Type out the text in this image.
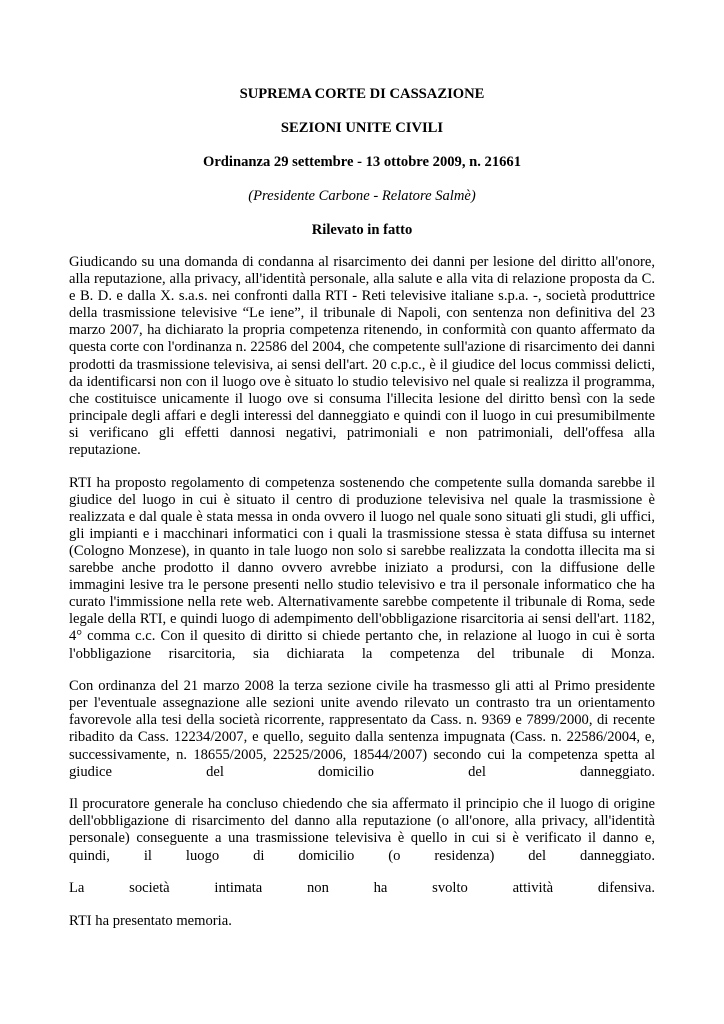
SUPREMA CORTE DI CASSAZIONE
SEZIONI UNITE CIVILI
Ordinanza 29 settembre - 13 ottobre 2009, n. 21661
(Presidente Carbone - Relatore Salmè)
Rilevato in fatto

Giudicando su una domanda di condanna al risarcimento dei danni per lesione del diritto all'onore, alla reputazione, alla privacy, all'identità personale, alla salute e alla vita di relazione proposta da C. e B. D. e dalla X. s.a.s. nei confronti dalla RTI - Reti televisive italiane s.p.a. -, società produttrice della trasmissione televisive “Le iene”, il tribunale di Napoli, con sentenza non definitiva del 23 marzo 2007, ha dichiarato la propria competenza ritenendo, in conformità con quanto affermato da questa corte con l'ordinanza n. 22586 del 2004, che competente sull'azione di risarcimento dei danni prodotti da trasmissione televisiva, ai sensi dell'art. 20 c.p.c., è il giudice del locus commissi delicti, da identificarsi non con il luogo ove è situato lo studio televisivo nel quale si realizza il programma, che costituisce unicamente il luogo ove si consuma l'illecita lesione del diritto bensì con la sede principale degli affari e degli interessi del danneggiato e quindi con il luogo in cui presumibilmente si verificano gli effetti dannosi negativi, patrimoniali e non patrimoniali, dell'offesa alla reputazione.

RTI ha proposto regolamento di competenza sostenendo che competente sulla domanda sarebbe il giudice del luogo in cui è situato il centro di produzione televisiva nel quale la trasmissione è realizzata e dal quale è stata messa in onda ovvero il luogo nel quale sono situati gli studi, gli uffici, gli impianti e i macchinari informatici con i quali la trasmissione stessa è stata diffusa su internet (Cologno Monzese), in quanto in tale luogo non solo si sarebbe realizzata la condotta illecita ma si sarebbe anche prodotto il danno ovvero avrebbe iniziato a prodursi, con la diffusione delle immagini lesive tra le persone presenti nello studio televisivo e tra il personale informatico che ha curato l'immissione nella rete web. Alternativamente sarebbe competente il tribunale di Roma, sede legale della RTI, e quindi luogo di adempimento dell'obbligazione risarcitoria ai sensi dell'art. 1182, 4° comma c.c. Con il quesito di diritto si chiede pertanto che, in relazione al luogo in cui è sorta l'obbligazione risarcitoria, sia dichiarata la competenza del tribunale di Monza.

Con ordinanza del 21 marzo 2008 la terza sezione civile ha trasmesso gli atti al Primo presidente per l'eventuale assegnazione alle sezioni unite avendo rilevato un contrasto tra un orientamento favorevole alla tesi della società ricorrente, rappresentato da Cass. n. 9369 e 7899/2000, di recente ribadito da Cass. 12234/2007, e quello, seguito dalla sentenza impugnata (Cass. n. 22586/2004, e, successivamente, n. 18655/2005, 22525/2006, 18544/2007) secondo cui la competenza spetta al giudice del domicilio del danneggiato.

Il procuratore generale ha concluso chiedendo che sia affermato il principio che il luogo di origine dell'obbligazione di risarcimento del danno alla reputazione (o all'onore, alla privacy, all'identità personale) conseguente a una trasmissione televisiva è quello in cui si è verificato il danno e, quindi, il luogo di domicilio (o residenza) del danneggiato.

La società intimata non ha svolto attività difensiva.

RTI ha presentato memoria.
